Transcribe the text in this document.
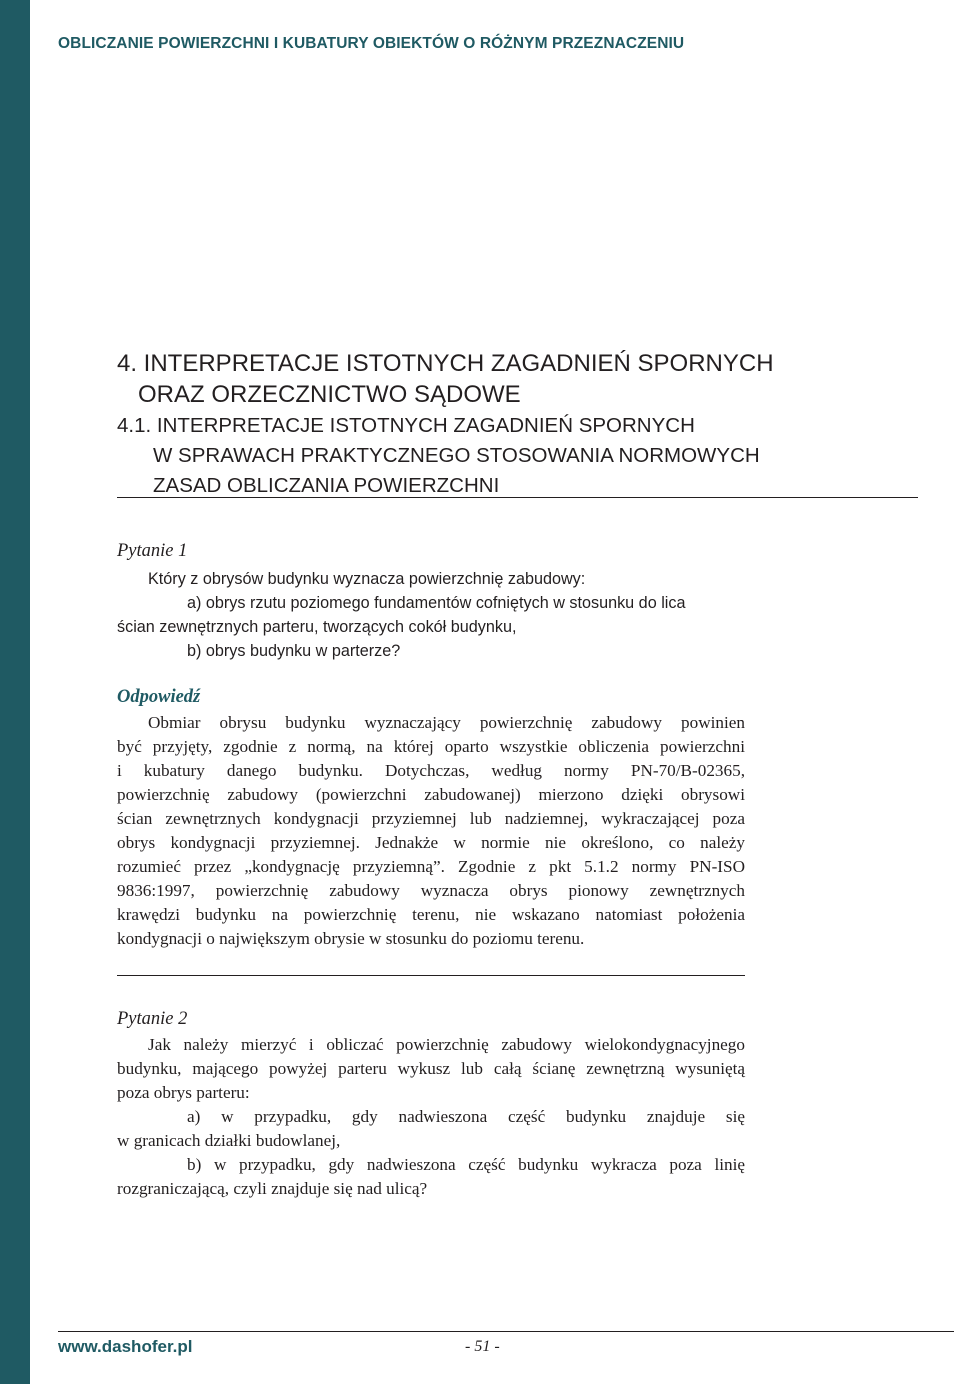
OBLICZANIE POWIERZCHNI I KUBATURY OBIEKTÓW O RÓŻNYM PRZEZNACZENIU
4. INTERPRETACJE ISTOTNYCH ZAGADNIEŃ SPORNYCH
ORAZ ORZECZNICTWO SĄDOWE
4.1. INTERPRETACJE ISTOTNYCH ZAGADNIEŃ SPORNYCH
W SPRAWACH PRAKTYCZNEGO STOSOWANIA NORMOWYCH
ZASAD OBLICZANIA POWIERZCHNI
Pytanie 1
Który z obrysów budynku wyznacza powierzchnię zabudowy:
a) obrys rzutu poziomego fundamentów cofniętych w stosunku do lica
ścian zewnętrznych parteru, tworzących cokół budynku,
b) obrys budynku w parterze?
Odpowiedź
Obmiar obrysu budynku wyznaczający powierzchnię zabudowy powinien
być przyjęty, zgodnie z normą, na której oparto wszystkie obliczenia powierzchni
i kubatury danego budynku. Dotychczas, według normy PN-70/B-02365,
powierzchnię zabudowy (powierzchni zabudowanej) mierzono dzięki obrysowi
ścian zewnętrznych kondygnacji przyziemnej lub nadziemnej, wykraczającej poza
obrys kondygnacji przyziemnej. Jednakże w normie nie określono, co należy
rozumieć przez „kondygnację przyziemną”. Zgodnie z pkt 5.1.2 normy PN-ISO
9836:1997, powierzchnię zabudowy wyznacza obrys pionowy zewnętrznych
krawędzi budynku na powierzchnię terenu, nie wskazano natomiast położenia
kondygnacji o największym obrysie w stosunku do poziomu terenu.
Pytanie 2
Jak należy mierzyć i obliczać powierzchnię zabudowy wielokondygnacyjnego
budynku, mającego powyżej parteru wykusz lub całą ścianę zewnętrzną wysuniętą
poza obrys parteru:
a) w przypadku, gdy nadwieszona część budynku znajduje się
w granicach działki budowlanej,
b) w przypadku, gdy nadwieszona część budynku wykracza poza linię
rozgraniczającą, czyli znajduje się nad ulicą?
www.dashofer.pl	- 51 -
